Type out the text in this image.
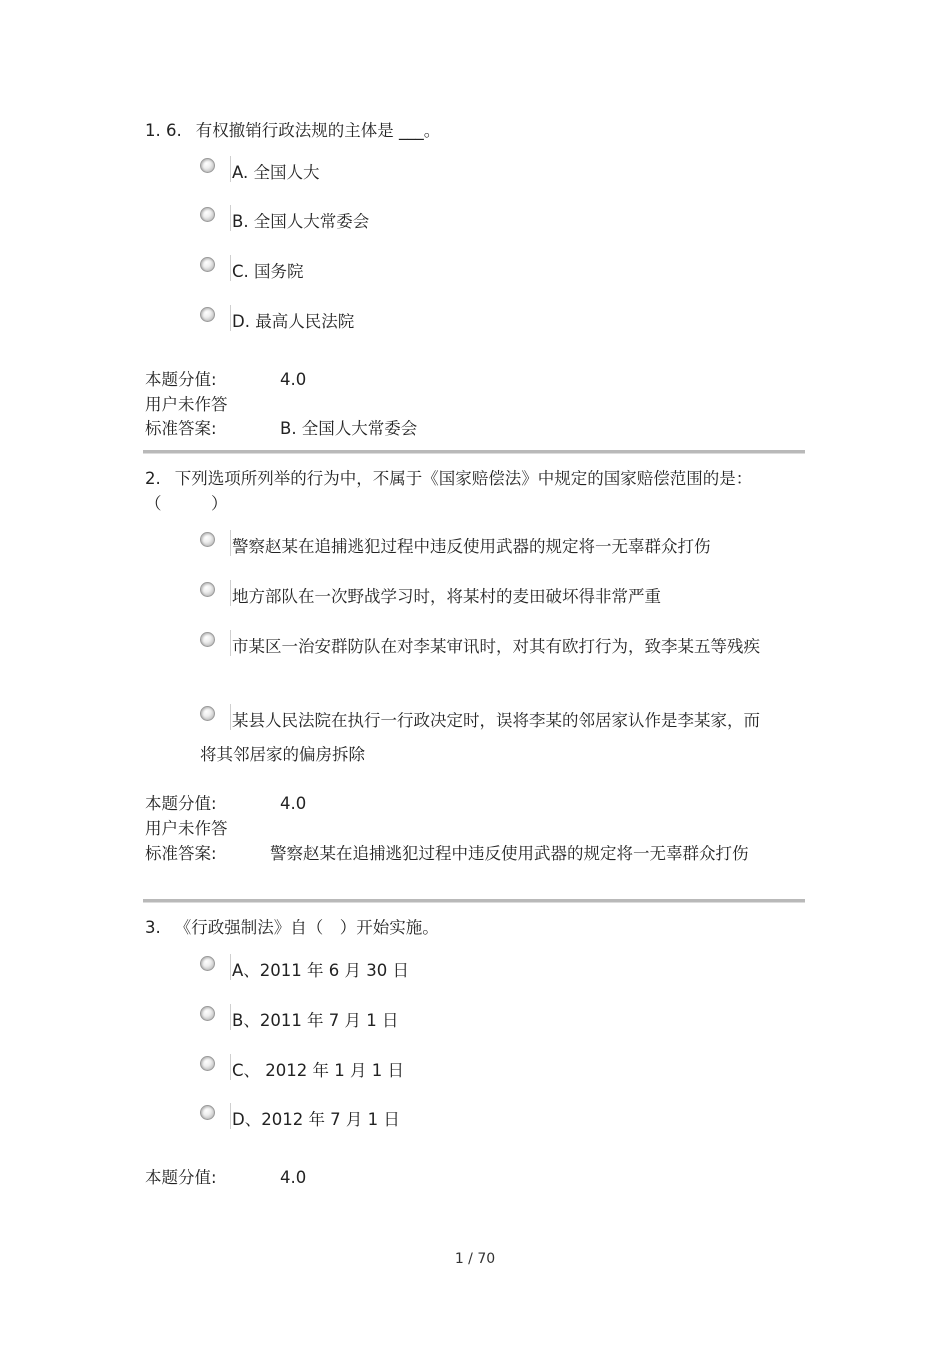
1. 6. 有权撤销行政法规的主体是 ___。
A. 全国人大
B. 全国人大常委会
C. 国务院
D. 最高人民法院
本题分值:	4.0
用户未作答
标准答案:	B. 全国人大常委会
2. 下列选项所列举的行为中，不属于《国家赔偿法》中规定的国家赔偿范围的是：（　　　）
警察赵某在追捕逃犯过程中违反使用武器的规定将一无辜群众打伤
地方部队在一次野战学习时，将某村的麦田破坏得非常严重
市某区一治安群防队在对李某审讯时，对其有欧打行为，致李某五等残疾
某县人民法院在执行一行政决定时，误将李某的邻居家认作是李某家，而将其邻居家的偏房拆除
本题分值:	4.0
用户未作答
标准答案:	警察赵某在追捕逃犯过程中违反使用武器的规定将一无辜群众打伤
3. 《行政强制法》自（　）开始实施。
A、2011 年 6 月 30 日
B、2011 年 7 月 1 日
C、 2012 年 1 月 1 日
D、2012 年 7 月 1 日
本题分值:	4.0
1 / 70
